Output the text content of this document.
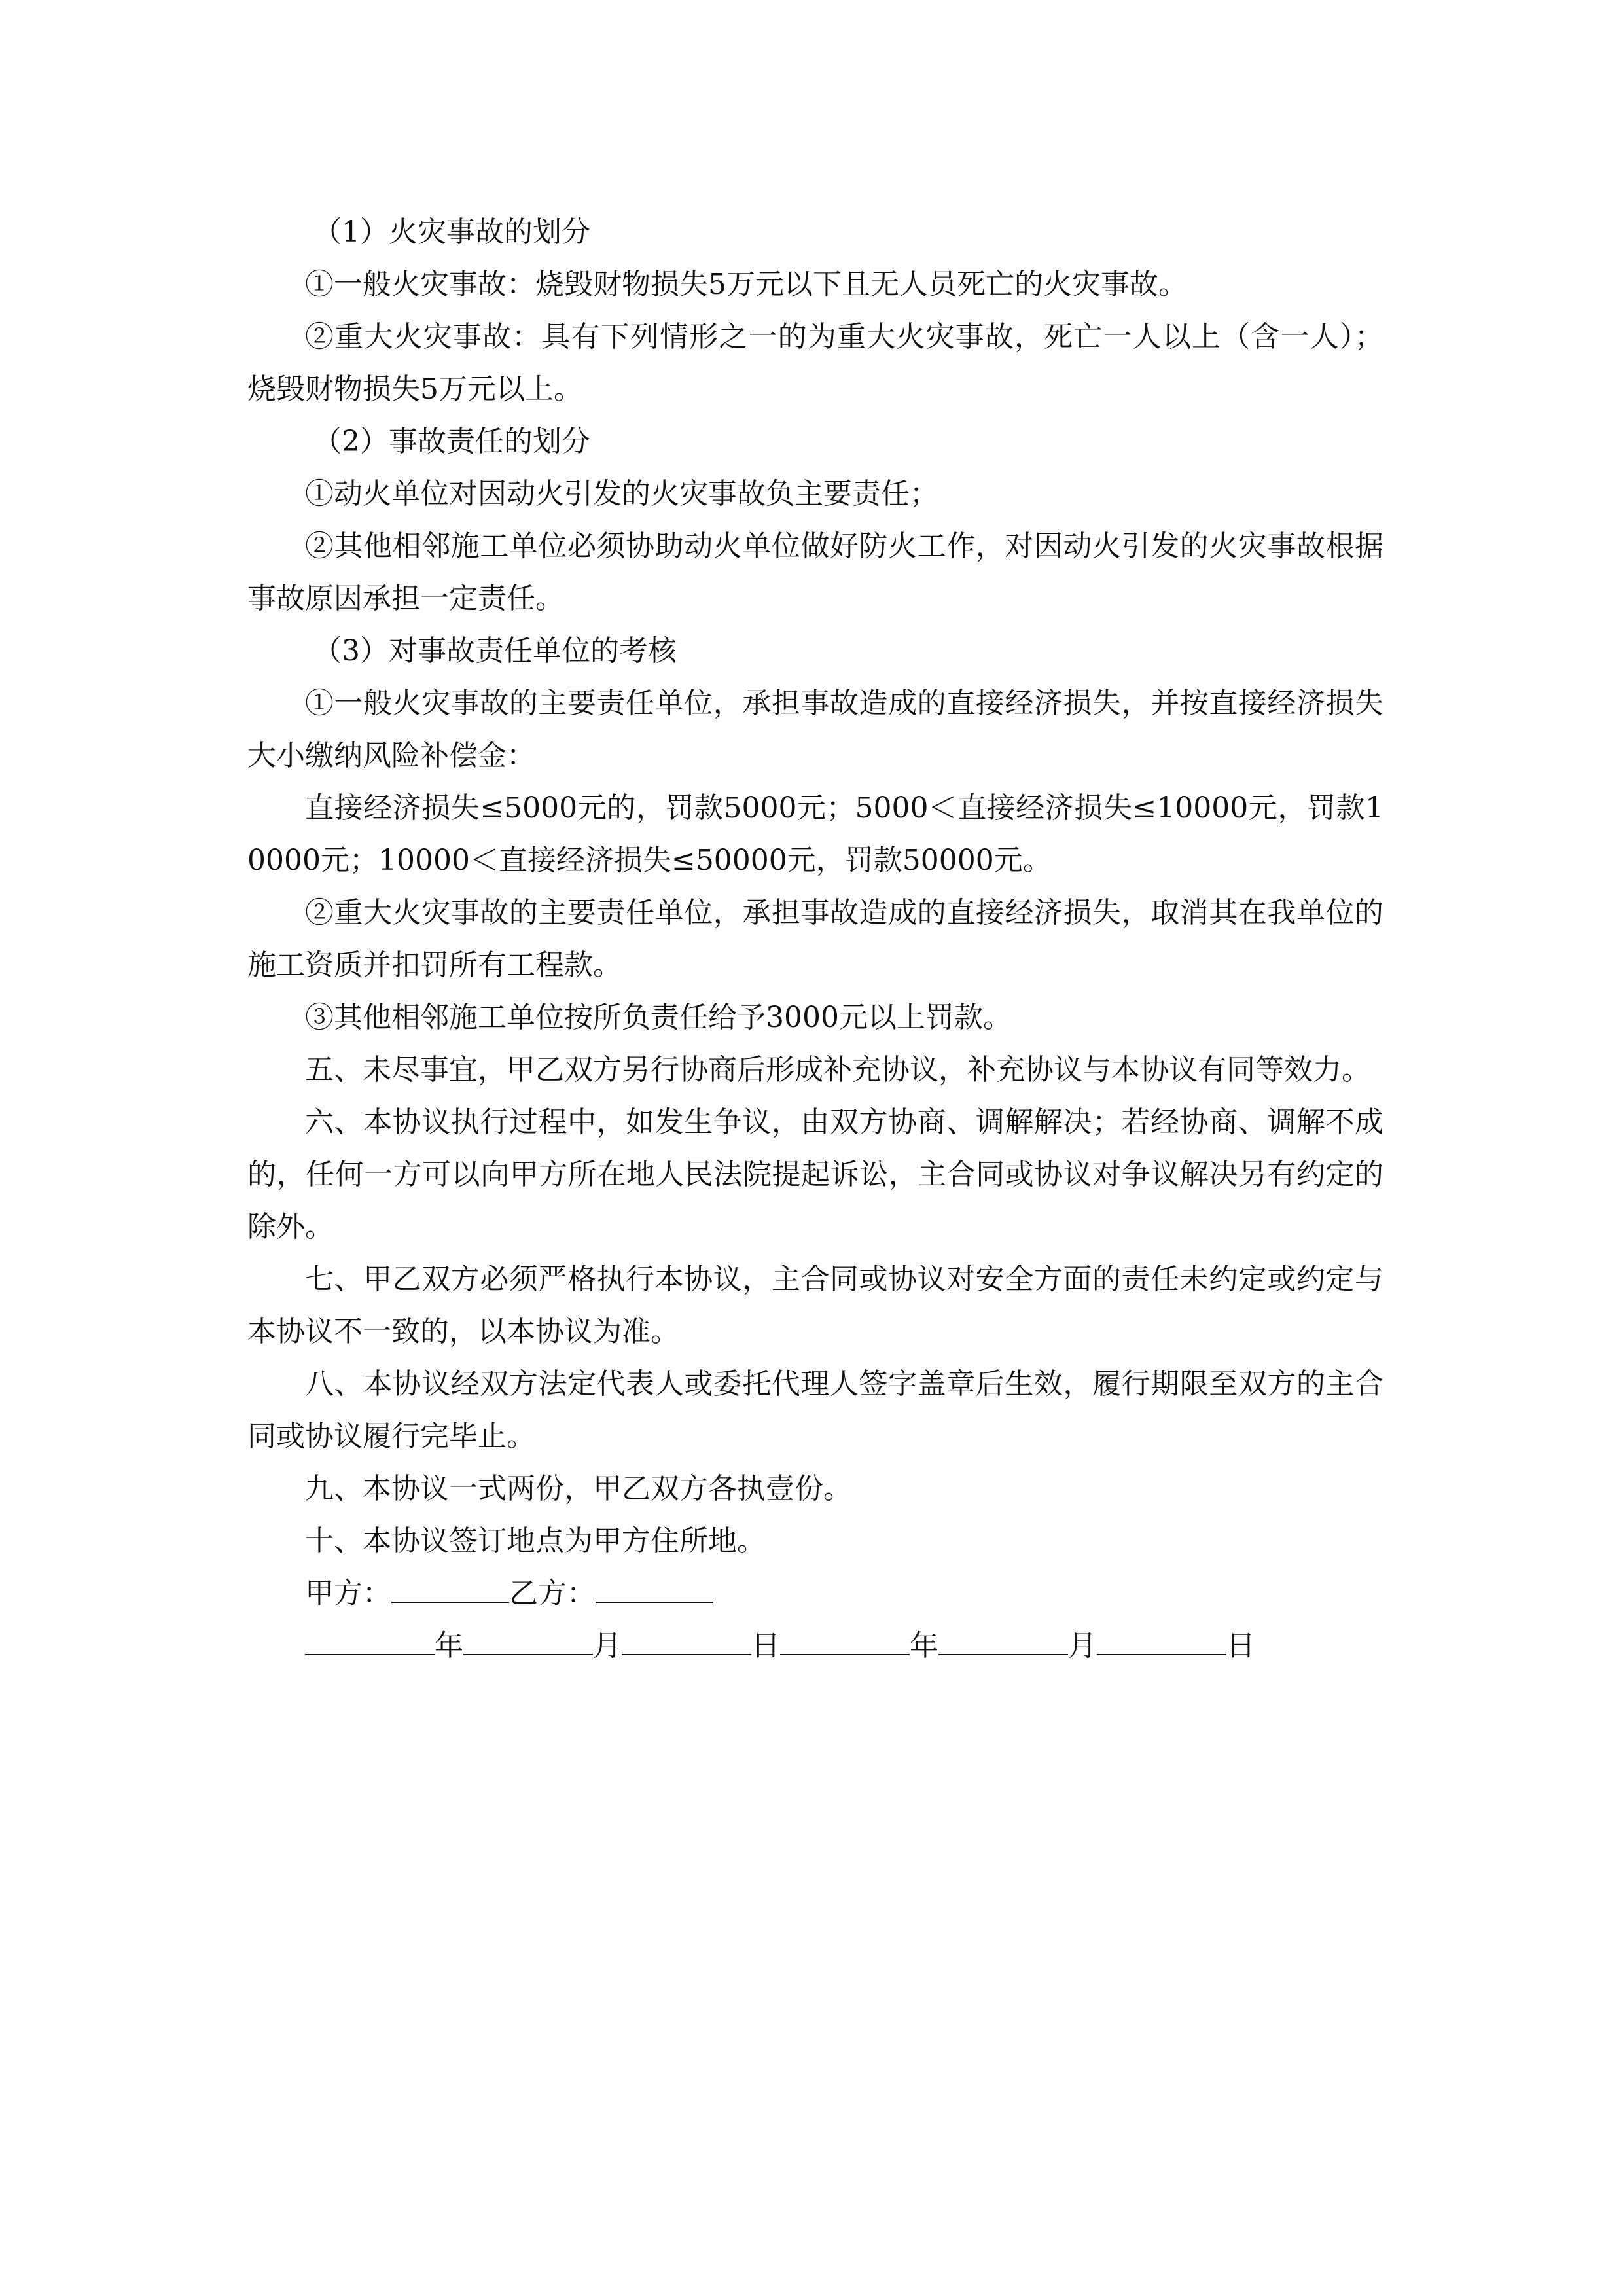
（1）火灾事故的划分

①一般火灾事故：烧毁财物损失5万元以下且无人员死亡的火灾事故。

②重大火灾事故：具有下列情形之一的为重大火灾事故，死亡一人以上（含一人）；烧毁财物损失5万元以上。

（2）事故责任的划分

①动火单位对因动火引发的火灾事故负主要责任；

②其他相邻施工单位必须协助动火单位做好防火工作，对因动火引发的火灾事故根据事故原因承担一定责任。

（3）对事故责任单位的考核

①一般火灾事故的主要责任单位，承担事故造成的直接经济损失，并按直接经济损失大小缴纳风险补偿金：

直接经济损失≤5000元的，罚款5000元；5000＜直接经济损失≤10000元，罚款10000元；10000＜直接经济损失≤50000元，罚款50000元。

②重大火灾事故的主要责任单位，承担事故造成的直接经济损失，取消其在我单位的施工资质并扣罚所有工程款。

③其他相邻施工单位按所负责任给予3000元以上罚款。

五、未尽事宜，甲乙双方另行协商后形成补充协议，补充协议与本协议有同等效力。

六、本协议执行过程中，如发生争议，由双方协商、调解解决；若经协商、调解不成的，任何一方可以向甲方所在地人民法院提起诉讼，主合同或协议对争议解决另有约定的除外。

七、甲乙双方必须严格执行本协议，主合同或协议对安全方面的责任未约定或约定与本协议不一致的，以本协议为准。

八、本协议经双方法定代表人或委托代理人签字盖章后生效，履行期限至双方的主合同或协议履行完毕止。

九、本协议一式两份，甲乙双方各执壹份。

十、本协议签订地点为甲方住所地。

甲方：	乙方：

年	月	日	年	月	日
